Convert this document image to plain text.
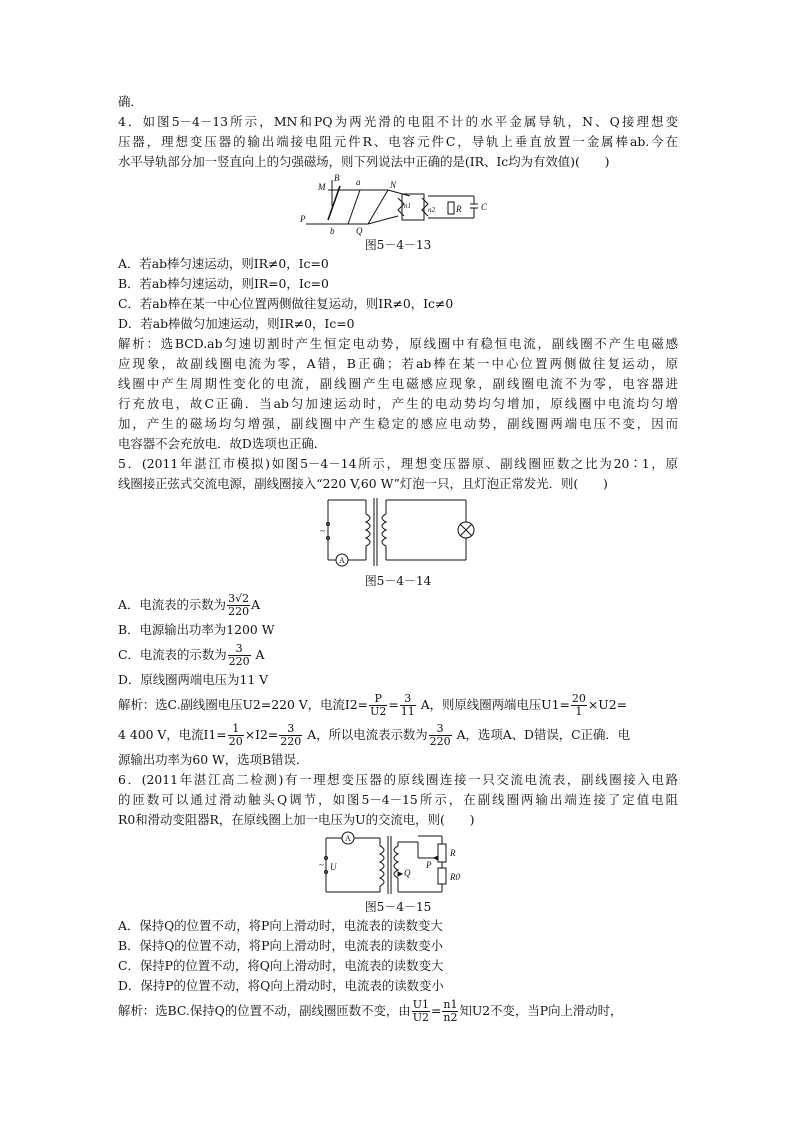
确．
4．如图5－4－13所示，MN和PQ为两光滑的电阻不计的水平金属导轨，N、Q接理想变
压器，理想变压器的输出端接电阻元件R、电容元件C，导轨上垂直放置一金属棒ab.今在
水平导轨部分加一竖直向上的匀强磁场，则下列说法中正确的是(IR、Ic均为有效值)(　　)
M
B a	N
P
b Q
n1 n2 R C
图5－4－13
A．若ab棒匀速运动，则IR≠0，Ic=0
B．若ab棒匀速运动，则IR=0，Ic=0
C．若ab棒在某一中心位置两侧做往复运动，则IR≠0，Ic≠0
D．若ab棒做匀加速运动，则IR≠0，Ic=0
解析：选BCD.ab匀速切割时产生恒定电动势，原线圈中有稳恒电流，副线圈不产生电磁感
应现象，故副线圈电流为零，A错，B正确；若ab棒在某一中心位置两侧做往复运动，原
线圈中产生周期性变化的电流，副线圈产生电磁感应现象，副线圈电流不为零，电容器进
行充放电，故C正确．当ab匀加速运动时，产生的电动势均匀增加，原线圈中电流均匀增
加，产生的磁场均匀增强，副线圈中产生稳定的感应电动势，副线圈两端电压不变，因而
电容器不会充放电．故D选项也正确．
5．(2011年湛江市模拟)如图5－4－14所示，理想变压器原、副线圈匝数之比为20∶1，原
线圈接正弦式交流电源，副线圈接入“220 V,60 W”灯泡一只，且灯泡正常发光．则(　　)
~
A
图5－4－14
A．电流表的示数为 $\frac{3√2}{220}$ A
B．电源输出功率为1200 W
C．电流表的示数为 $\frac{3}{220}$ A
D．原线圈两端电压为11 V
解析：选C.副线圈电压U2=220 V，电流$I2= \frac{P}{U2} = \frac{3}{11}$ A，则原线圈两端电压$U1= \frac{20}{1} \times U2=$
4 400 V，电流$I1= \frac{1}{20} \times I2= \frac{3}{220}$ A，所以电流表示数为 $\frac{3}{220}$ A，选项A、D错误，C正确．电
源输出功率为60 W，选项B错误．
6．(2011年湛江高二检测)有一理想变压器的原线圈连接一只交流电流表，副线圈接入电路
的匝数可以通过滑动触头Q调节，如图5－4－15所示，在副线圈两输出端连接了定值电阻
R0和滑动变阻器R，在原线圈上加一电压为U的交流电，则(　　)
A
~ U
Q
P
R
R0
图5－4－15
A．保持Q的位置不动，将P向上滑动时，电流表的读数变大
B．保持Q的位置不动，将P向上滑动时，电流表的读数变小
C．保持P的位置不动，将Q向上滑动时，电流表的读数变大
D．保持P的位置不动，将Q向上滑动时，电流表的读数变小
解析：选BC.保持Q的位置不动，副线圈匝数不变，由 $\frac{U1}{U2} = \frac{n1}{n2}$ 知U2不变，当P向上滑动时，
